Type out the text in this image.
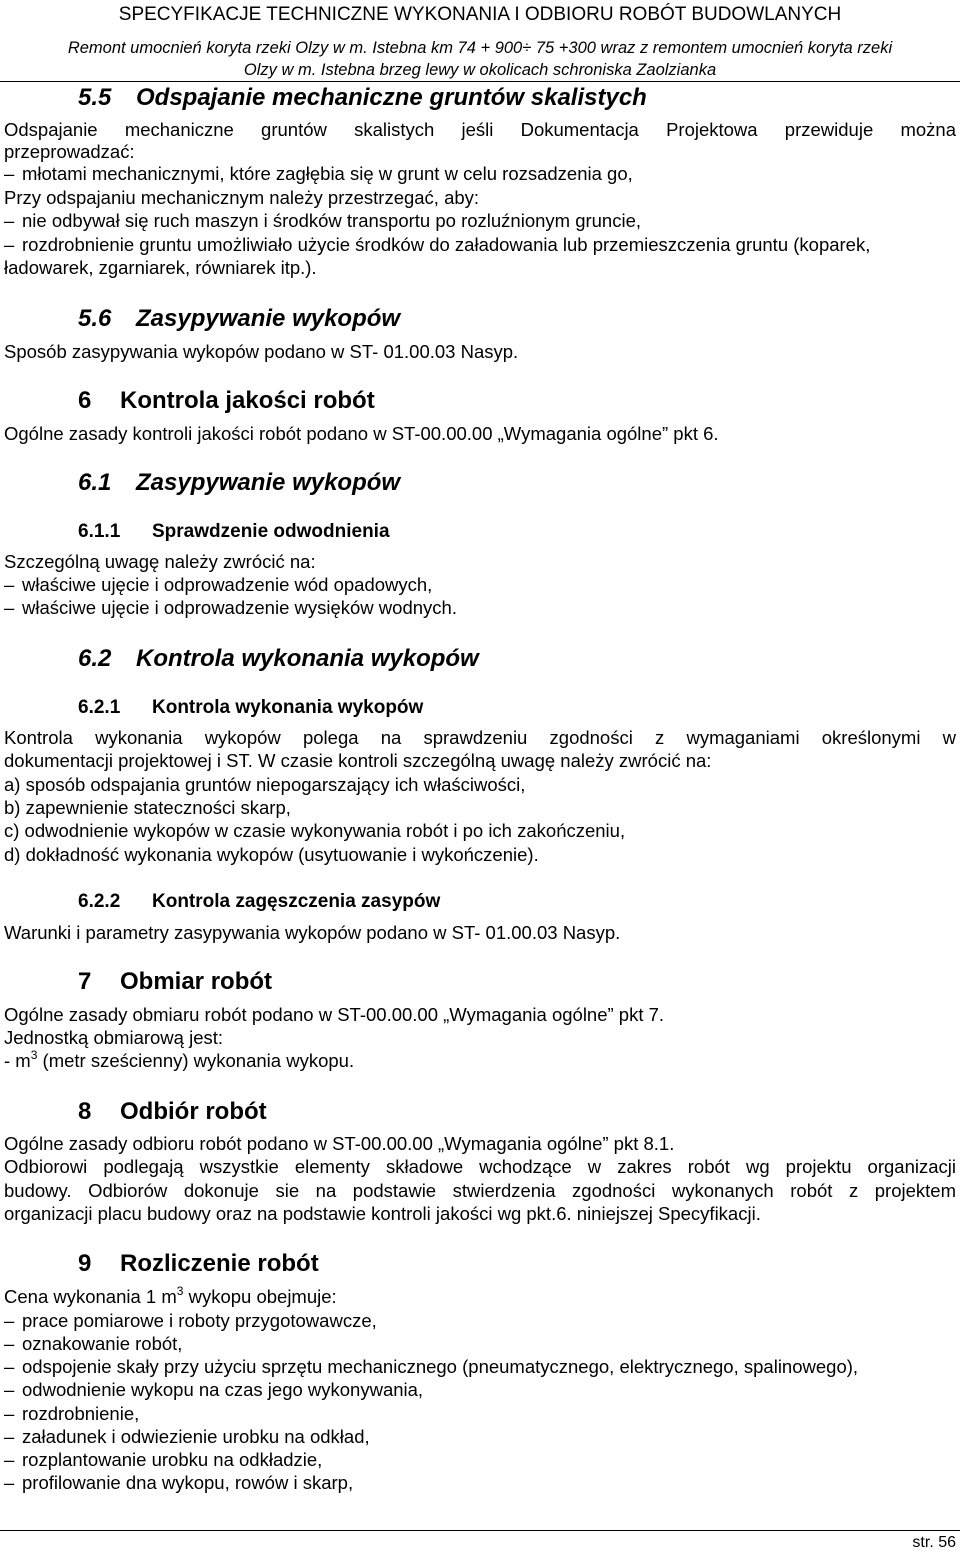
SPECYFIKACJE TECHNICZNE WYKONANIA I ODBIORU ROBÓT BUDOWLANYCH
Remont umocnień koryta rzeki Olzy w m. Istebna km 74 + 900÷ 75 +300 wraz z remontem umocnień koryta rzeki
Olzy w m. Istebna brzeg lewy w okolicach schroniska Zaolzianka
5.5 Odspajanie mechaniczne gruntów skalistych
Odspajanie mechaniczne gruntów skalistych jeśli Dokumentacja Projektowa przewiduje można
przeprowadzać:
– młotami mechanicznymi, które zagłębia się w grunt w celu rozsadzenia go,
Przy odspajaniu mechanicznym należy przestrzegać, aby:
– nie odbywał się ruch maszyn i środków transportu po rozluźnionym gruncie,
– rozdrobnienie gruntu umożliwiało użycie środków do załadowania lub przemieszczenia gruntu (koparek,
ładowarek, zgarniarek, równiarek itp.).
5.6 Zasypywanie wykopów
Sposób zasypywania wykopów podano w ST- 01.00.03 Nasyp.
6 Kontrola jakości robót
Ogólne zasady kontroli jakości robót podano w ST-00.00.00 „Wymagania ogólne” pkt 6.
6.1 Zasypywanie wykopów
6.1.1 Sprawdzenie odwodnienia
Szczególną uwagę należy zwrócić na:
– właściwe ujęcie i odprowadzenie wód opadowych,
– właściwe ujęcie i odprowadzenie wysięków wodnych.
6.2 Kontrola wykonania wykopów
6.2.1 Kontrola wykonania wykopów
Kontrola wykonania wykopów polega na sprawdzeniu zgodności z wymaganiami określonymi w
dokumentacji projektowej i ST. W czasie kontroli szczególną uwagę należy zwrócić na:
a) sposób odspajania gruntów niepogarszający ich właściwości,
b) zapewnienie stateczności skarp,
c) odwodnienie wykopów w czasie wykonywania robót i po ich zakończeniu,
d) dokładność wykonania wykopów (usytuowanie i wykończenie).
6.2.2 Kontrola zagęszczenia zasypów
Warunki i parametry zasypywania wykopów podano w ST- 01.00.03 Nasyp.
7 Obmiar robót
Ogólne zasady obmiaru robót podano w ST-00.00.00 „Wymagania ogólne” pkt 7.
Jednostką obmiarową jest:
- $m^3$ (metr sześcienny) wykonania wykopu.
8 Odbiór robót
Ogólne zasady odbioru robót podano w ST-00.00.00 „Wymagania ogólne” pkt 8.1.
Odbiorowi podlegają wszystkie elementy składowe wchodzące w zakres robót wg projektu organizacji
budowy. Odbiorów dokonuje sie na podstawie stwierdzenia zgodności wykonanych robót z projektem
organizacji placu budowy oraz na podstawie kontroli jakości wg pkt.6. niniejszej Specyfikacji.
9 Rozliczenie robót
Cena wykonania 1 $m^3$ wykopu obejmuje:
– prace pomiarowe i roboty przygotowawcze,
– oznakowanie robót,
– odspojenie skały przy użyciu sprzętu mechanicznego (pneumatycznego, elektrycznego, spalinowego),
– odwodnienie wykopu na czas jego wykonywania,
– rozdrobnienie,
– załadunek i odwiezienie urobku na odkład,
– rozplantowanie urobku na odkładzie,
– profilowanie dna wykopu, rowów i skarp,
str. 56
